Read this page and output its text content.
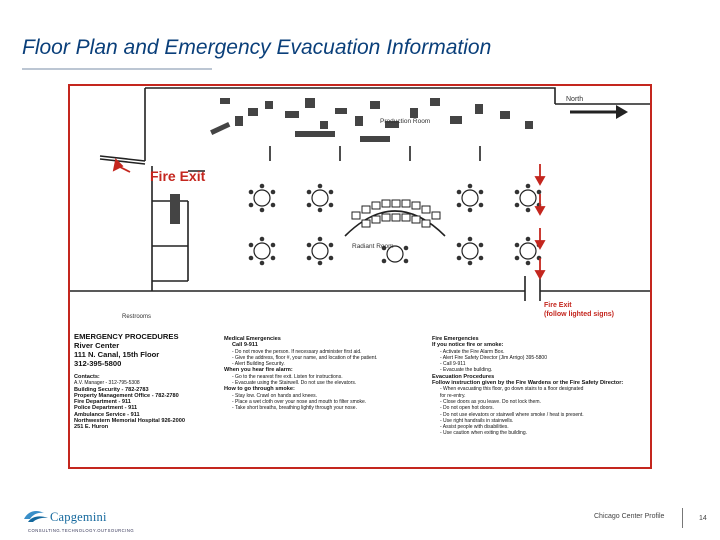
Floor Plan and Emergency Evacuation Information
North
Production Room
Fire Exit
Radiant Room
Restrooms
Fire Exit
(follow lighted signs)
EMERGENCY PROCEDURES
River Center
111 N. Canal, 15th Floor
312-395-5800
Contacts:
A.V. Manager - 312-795-5308
Building Security - 782-2783
Property Management Office - 782-2780
Fire Department - 911
Police Department - 911
Ambulance Service - 911
Northwestern Memorial Hospital 926-2000
251 E. Huron
Medical Emergencies
Call 9-911
- Do not move the person. If necessary administer first aid.
- Give the address, floor #, your name, and location of the patient.
- Alert Building Security.
When you hear fire alarm:
- Go to the nearest fire exit. Listen for instructions.
- Evacuate using the Stairwell. Do not use the elevators.
How to go through smoke:
- Stay low. Crawl on hands and knees.
- Place a wet cloth over your nose and mouth to filter smoke.
- Take short breaths, breathing lightly through your nose.
Fire Emergencies
If you notice fire or smoke:
- Activate the Fire Alarm Box.
- Alert Fire Safety Director (Jim Arrigo) 395-5800
- Call 9-911
- Evacuate the building.
Evacuation Procedures
Follow instruction given by the Fire Wardens or the Fire Safety Director:
- When evacuating this floor, go down stairs to a floor designated
for re-entry.
- Close doors as you leave. Do not lock them.
- Do not open hot doors.
- Do not use elevators or stairwell where smoke / heat is present.
- Use right handrails in stairwells.
- Assist people with disabilities.
- Use caution when exiting the building.
Capgemini
CONSULTING.TECHNOLOGY.OUTSOURCING
Chicago Center Profile	14
